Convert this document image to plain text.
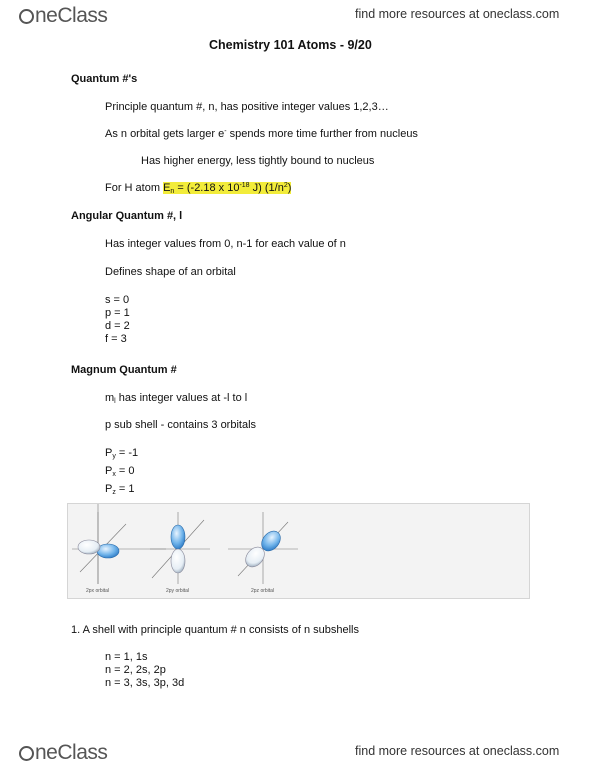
neClass	find more resources at oneclass.com
Chemistry 101 Atoms - 9/20
Quantum #'s
Principle quantum #, n, has positive integer values 1,2,3…
As n orbital gets larger e- spends more time further from nucleus
Has higher energy, less tightly bound to nucleus
For H atom $E_n = (-2.18$ x $10^{-18}$ J) $(1/n^2)$
Angular Quantum #, l
Has integer values from 0, n-1 for each value of n
Defines shape of an orbital
s = 0
p = 1
d = 2
f = 3
Magnum Quantum #
$m_l$ has integer values at -l to l
p sub shell - contains 3 orbitals
$P_y = -1$
$P_x = 0$
$P_z = 1$
2px orbital	2py orbital	2pz orbital
1. A shell with principle quantum # n consists of n subshells
n = 1, 1s
n = 2, 2s, 2p
n = 3, 3s, 3p, 3d
neClass	find more resources at oneclass.com
